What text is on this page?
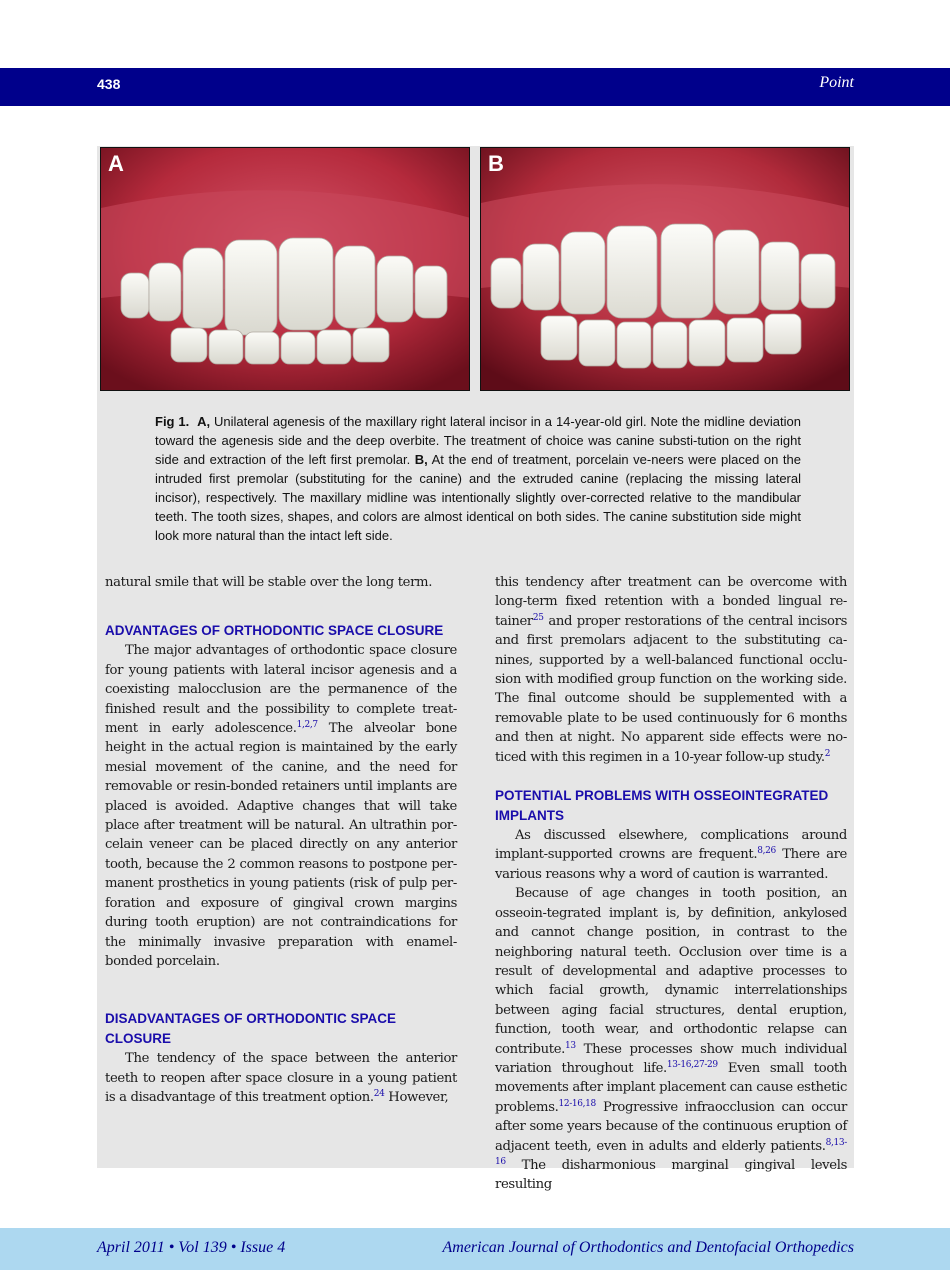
438	Point
A	B
Fig 1. A, Unilateral agenesis of the maxillary right lateral incisor in a 14-year-old girl. Note the midline deviation toward the agenesis side and the deep overbite. The treatment of choice was canine substi-tution on the right side and extraction of the left first premolar. B, At the end of treatment, porcelain ve-neers were placed on the intruded first premolar (substituting for the canine) and the extruded canine (replacing the missing lateral incisor), respectively. The maxillary midline was intentionally slightly over-corrected relative to the mandibular teeth. The tooth sizes, shapes, and colors are almost identical on both sides. The canine substitution side might look more natural than the intact left side.

natural smile that will be stable over the long term.

ADVANTAGES OF ORTHODONTIC SPACE CLOSURE

The major advantages of orthodontic space closure for young patients with lateral incisor agenesis and a coexisting malocclusion are the permanence of the finished result and the possibility to complete treat-ment in early adolescence.$^{1,2,7}$ The alveolar bone height in the actual region is maintained by the early mesial movement of the canine, and the need for removable or resin-bonded retainers until implants are placed is avoided. Adaptive changes that will take place after treatment will be natural. An ultrathin por-celain veneer can be placed directly on any anterior tooth, because the 2 common reasons to postpone per-manent prosthetics in young patients (risk of pulp per-foration and exposure of gingival crown margins during tooth eruption) are not contraindications for the minimally invasive preparation with enamel-bonded porcelain.

DISADVANTAGES OF ORTHODONTIC SPACE CLOSURE

The tendency of the space between the anterior teeth to reopen after space closure in a young patient is a disadvantage of this treatment option.$^{24}$ However,

this tendency after treatment can be overcome with long-term fixed retention with a bonded lingual re-tainer$^{25}$ and proper restorations of the central incisors and first premolars adjacent to the substituting ca-nines, supported by a well-balanced functional occlu-sion with modified group function on the working side. The final outcome should be supplemented with a removable plate to be used continuously for 6 months and then at night. No apparent side effects were no-ticed with this regimen in a 10-year follow-up study.$^2$

POTENTIAL PROBLEMS WITH OSSEOINTEGRATED IMPLANTS

As discussed elsewhere, complications around implant-supported crowns are frequent.$^{8,26}$ There are various reasons why a word of caution is warranted.

Because of age changes in tooth position, an osseoin-tegrated implant is, by definition, ankylosed and cannot change position, in contrast to the neighboring natural teeth. Occlusion over time is a result of developmental and adaptive processes to which facial growth, dynamic interrelationships between aging facial structures, dental eruption, function, tooth wear, and orthodontic relapse can contribute.$^{13}$ These processes show much individual variation throughout life.$^{13-16,27-29}$ Even small tooth movements after implant placement can cause esthetic problems.$^{12-16,18}$ Progressive infraocclusion can occur after some years because of the continuous eruption of adjacent teeth, even in adults and elderly patients.$^{8,13-16}$ The disharmonious marginal gingival levels resulting

April 2011 • Vol 139 • Issue 4	American Journal of Orthodontics and Dentofacial Orthopedics
